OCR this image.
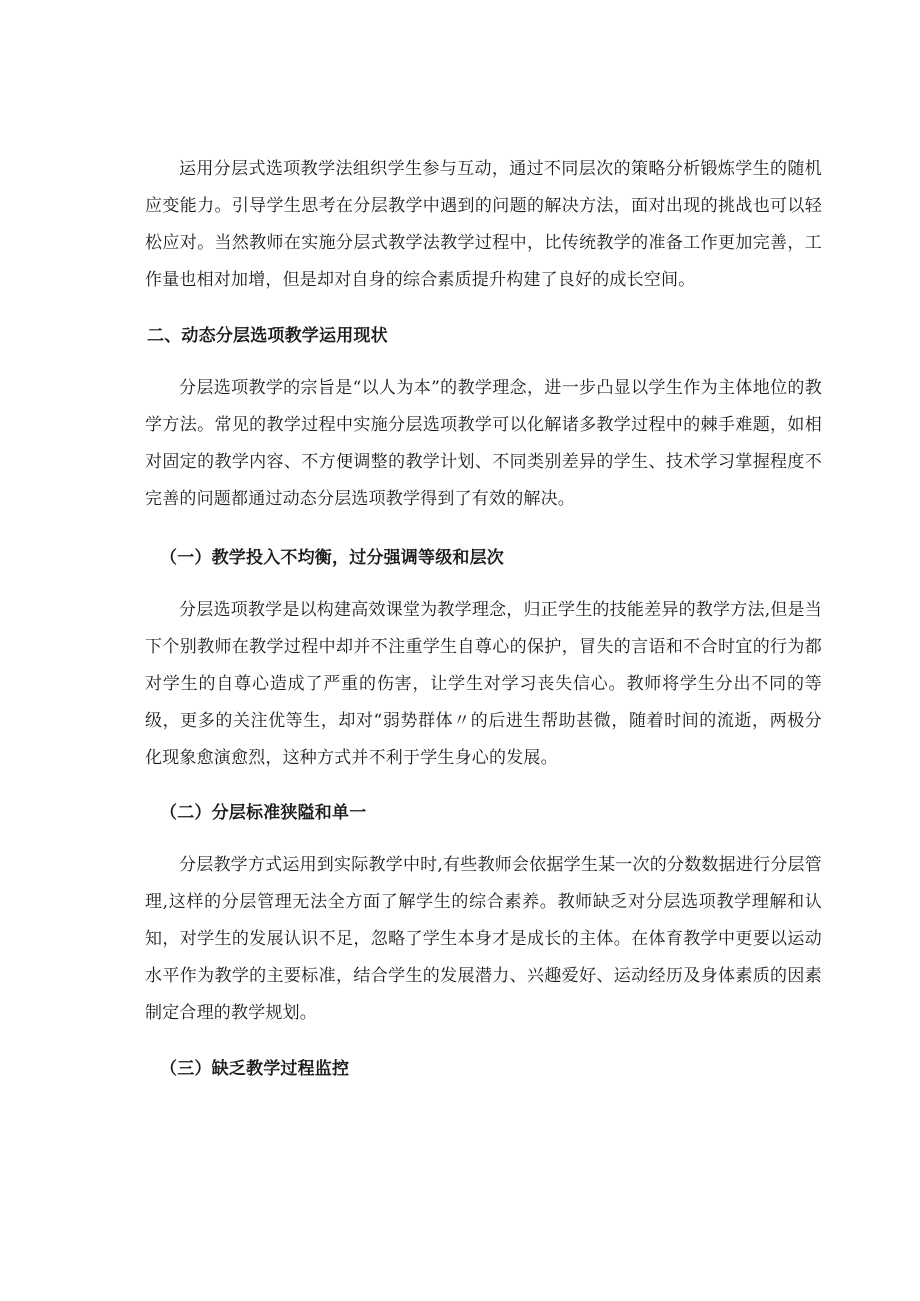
运用分层式选项教学法组织学生参与互动，通过不同层次的策略分析锻炼学生的随机应变能力。引导学生思考在分层教学中遇到的问题的解决方法，面对出现的挑战也可以轻松应对。当然教师在实施分层式教学法教学过程中，比传统教学的准备工作更加完善，工作量也相对加增，但是却对自身的综合素质提升构建了良好的成长空间。

二、动态分层选项教学运用现状

分层选项教学的宗旨是“以人为本”的教学理念，进一步凸显以学生作为主体地位的教学方法。常见的教学过程中实施分层选项教学可以化解诸多教学过程中的棘手难题，如相对固定的教学内容、不方便调整的教学计划、不同类别差异的学生、技术学习掌握程度不完善的问题都通过动态分层选项教学得到了有效的解决。

（一）教学投入不均衡，过分强调等级和层次

分层选项教学是以构建高效课堂为教学理念，归正学生的技能差异的教学方法,但是当下个别教师在教学过程中却并不注重学生自尊心的保护，冒失的言语和不合时宜的行为都对学生的自尊心造成了严重的伤害，让学生对学习丧失信心。教师将学生分出不同的等级，更多的关注优等生，却对“弱势群体〃的后进生帮助甚微，随着时间的流逝，两极分化现象愈演愈烈，这种方式并不利于学生身心的发展。

（二）分层标准狭隘和单一

分层教学方式运用到实际教学中时,有些教师会依据学生某一次的分数数据进行分层管理,这样的分层管理无法全方面了解学生的综合素养。教师缺乏对分层选项教学理解和认知，对学生的发展认识不足，忽略了学生本身才是成长的主体。在体育教学中更要以运动水平作为教学的主要标准，结合学生的发展潜力、兴趣爱好、运动经历及身体素质的因素制定合理的教学规划。

（三）缺乏教学过程监控
